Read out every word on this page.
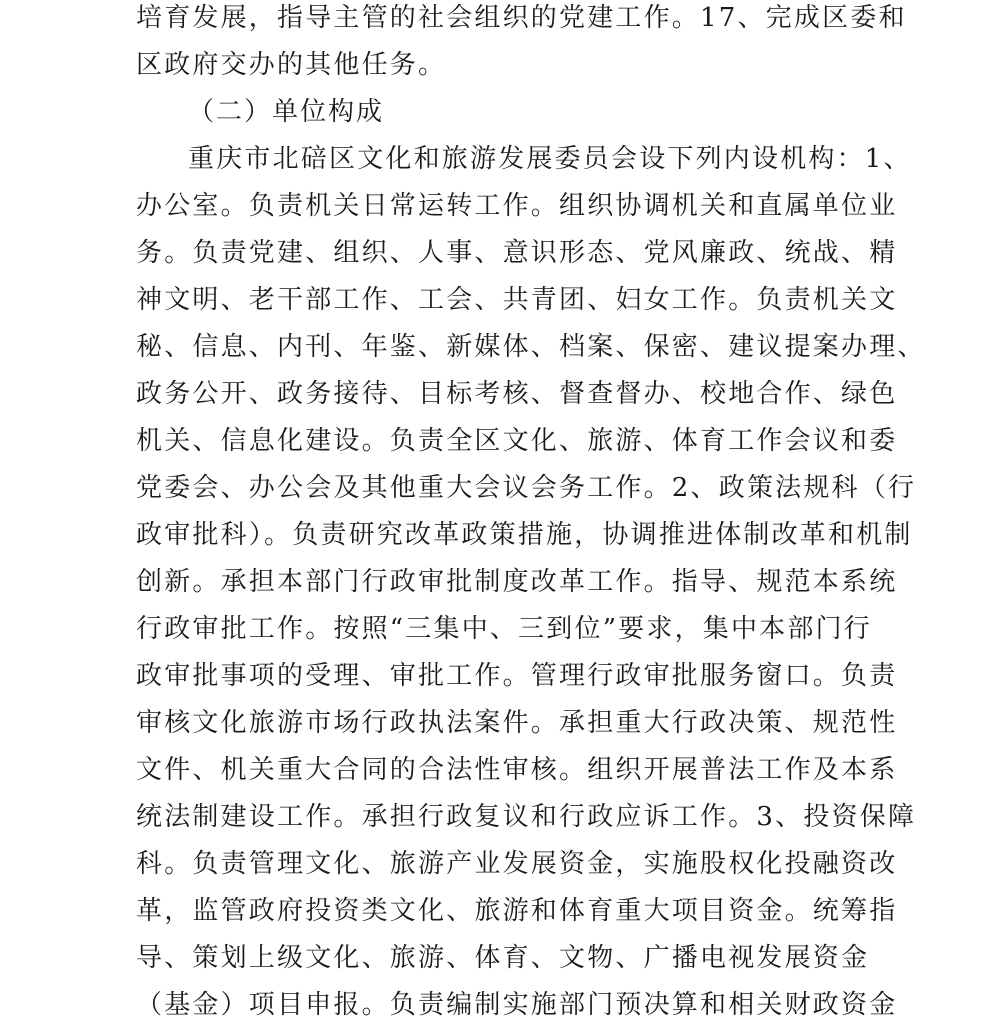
培育发展，指导主管的社会组织的党建工作。17、完成区委和
区政府交办的其他任务。
（二）单位构成
重庆市北碚区文化和旅游发展委员会设下列内设机构：1、
办公室。负责机关日常运转工作。组织协调机关和直属单位业
务。负责党建、组织、人事、意识形态、党风廉政、统战、精
神文明、老干部工作、工会、共青团、妇女工作。负责机关文
秘、信息、内刊、年鉴、新媒体、档案、保密、建议提案办理、
政务公开、政务接待、目标考核、督查督办、校地合作、绿色
机关、信息化建设。负责全区文化、旅游、体育工作会议和委
党委会、办公会及其他重大会议会务工作。2、政策法规科（行
政审批科）。负责研究改革政策措施，协调推进体制改革和机制
创新。承担本部门行政审批制度改革工作。指导、规范本系统
行政审批工作。按照“三集中、三到位”要求，集中本部门行
政审批事项的受理、审批工作。管理行政审批服务窗口。负责
审核文化旅游市场行政执法案件。承担重大行政决策、规范性
文件、机关重大合同的合法性审核。组织开展普法工作及本系
统法制建设工作。承担行政复议和行政应诉工作。3、投资保障
科。负责管理文化、旅游产业发展资金，实施股权化投融资改
革，监管政府投资类文化、旅游和体育重大项目资金。统筹指
导、策划上级文化、旅游、体育、文物、广播电视发展资金
（基金）项目申报。负责编制实施部门预决算和相关财政资金
